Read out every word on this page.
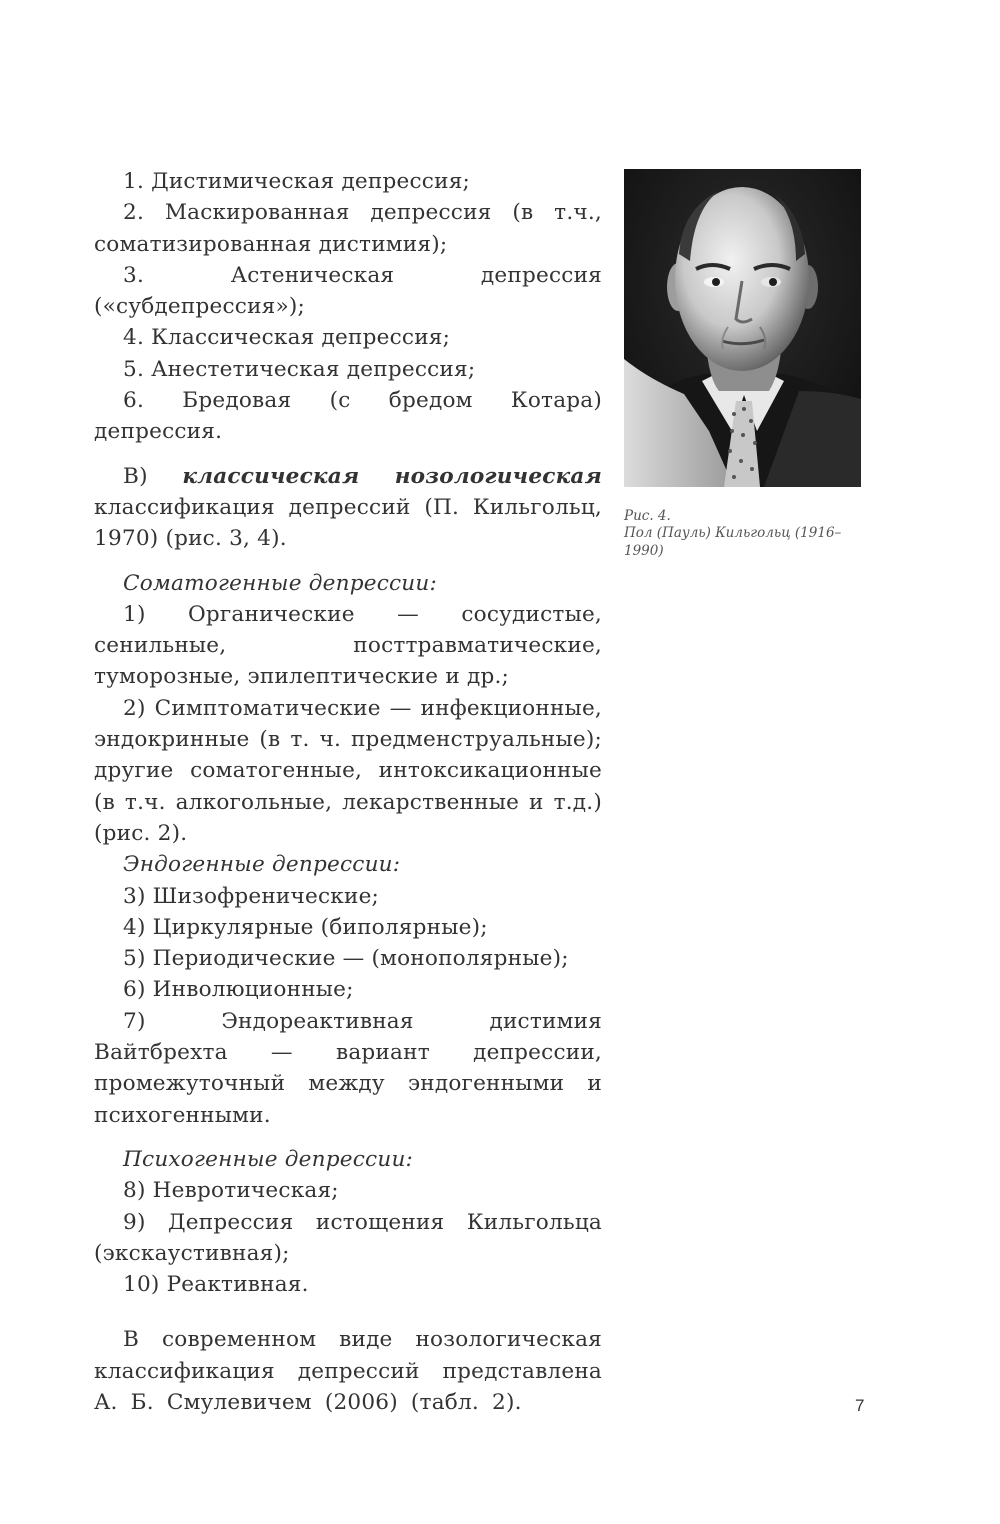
1. Дистимическая депрессия;

2. Маскированная депрессия (в т.ч., соматизированная дистимия);

3. Астеническая депрессия («субдепрессия»);

4. Классическая депрессия;

5. Анестетическая депрессия;

6. Бредовая (с бредом Котара) депрессия.

В) классическая нозологическая классификация депрессий (П. Кильгольц, 1970) (рис. 3, 4).

Соматогенные депрессии:

1) Органические — сосудистые, сенильные, посттравматические, туморозные, эпилептические и др.;

2) Симптоматические — инфекционные, эндокринные (в т. ч. предменструальные); другие соматогенные, интоксикационные (в т.ч. алкогольные, лекарственные и т.д.) (рис. 2).

Эндогенные депрессии:

3) Шизофренические;

4) Циркулярные (биполярные);

5) Периодические — (монополярные);

6) Инволюционные;

7) Эндореактивная дистимия Вайтбрехта — вариант депрессии, промежуточный между эндогенными и психогенными.

Психогенные депрессии:

8) Невротическая;

9) Депрессия истощения Кильгольца (экскаустивная);

10) Реактивная.

В современном виде нозологическая классификация депрессий представлена А. Б. Смулевичем (2006) (табл. 2).

Рис. 4.
Пол (Пауль) Кильгольц (1916–1990)
7
